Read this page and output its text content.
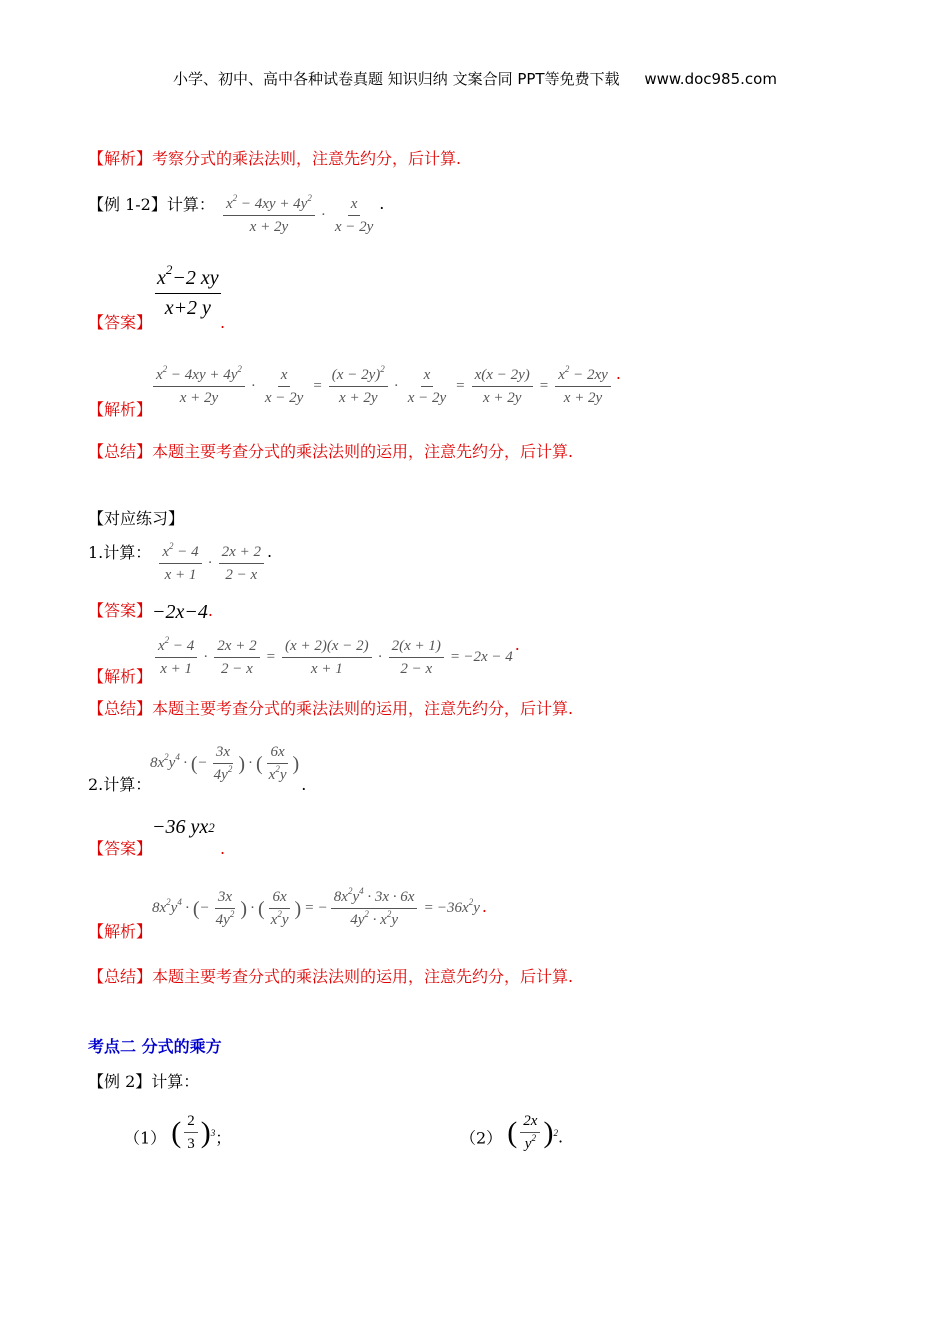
小学、初中、高中各种试卷真题 知识归纳 文案合同 PPT等免费下载 www.doc985.com
【解析】考察分式的乘法法则，注意先约分，后计算.
【例 1-2】计算： $\frac{x^2 - 4xy + 4y^2}{x + 2y} \cdot \frac{x}{x - 2y}$ .
$\frac{x^2-2 xy}{x+2 y}$
【答案】	.
$\frac{x^2 - 4xy + 4y^2}{x + 2y} \cdot \frac{x}{x - 2y} = \frac{(x - 2y)^2}{x + 2y} \cdot \frac{x}{x - 2y} = \frac{x(x - 2y)}{x + 2y} = \frac{x^2 - 2xy}{x + 2y}$ .
【解析】
【总结】本题主要考查分式的乘法法则的运用，注意先约分，后计算.
【对应练习】
1.计算： $\frac{x^2 - 4}{x + 1} \cdot \frac{2x + 2}{2 - x}$ .
【答案】−2x−4.
$\frac{x^2 - 4}{x + 1} \cdot \frac{2x + 2}{2 - x} = \frac{(x + 2)(x - 2)}{x + 1} \cdot \frac{2(x + 1)}{2 - x} = -2x - 4$
.
【解析】
【总结】本题主要考查分式的乘法法则的运用，注意先约分，后计算.
$8x^2y^4$ · ( − $\frac{3x}{4y^2}$ ) · ( $\frac{6x}{x^2y}$ )
2.计算：	.
−36 yx 2
【答案】	.
$8x^2y^4$ · ( − $\frac{3x}{4y^2}$ ) · ( $\frac{6x}{x^2y}$ ) = − $\frac{8x^2y^4 \cdot 3x \cdot 6x}{4y^2 \cdot x^2y} = -36x^2y$ .
【解析】
【总结】本题主要考查分式的乘法法则的运用，注意先约分，后计算.
考点二 分式的乘方
【例 2】计算：
（1） ( $\frac{2}{3}$ ) 3 ；	（2） ( $\frac{2x}{y^2}$ ) 2 .
